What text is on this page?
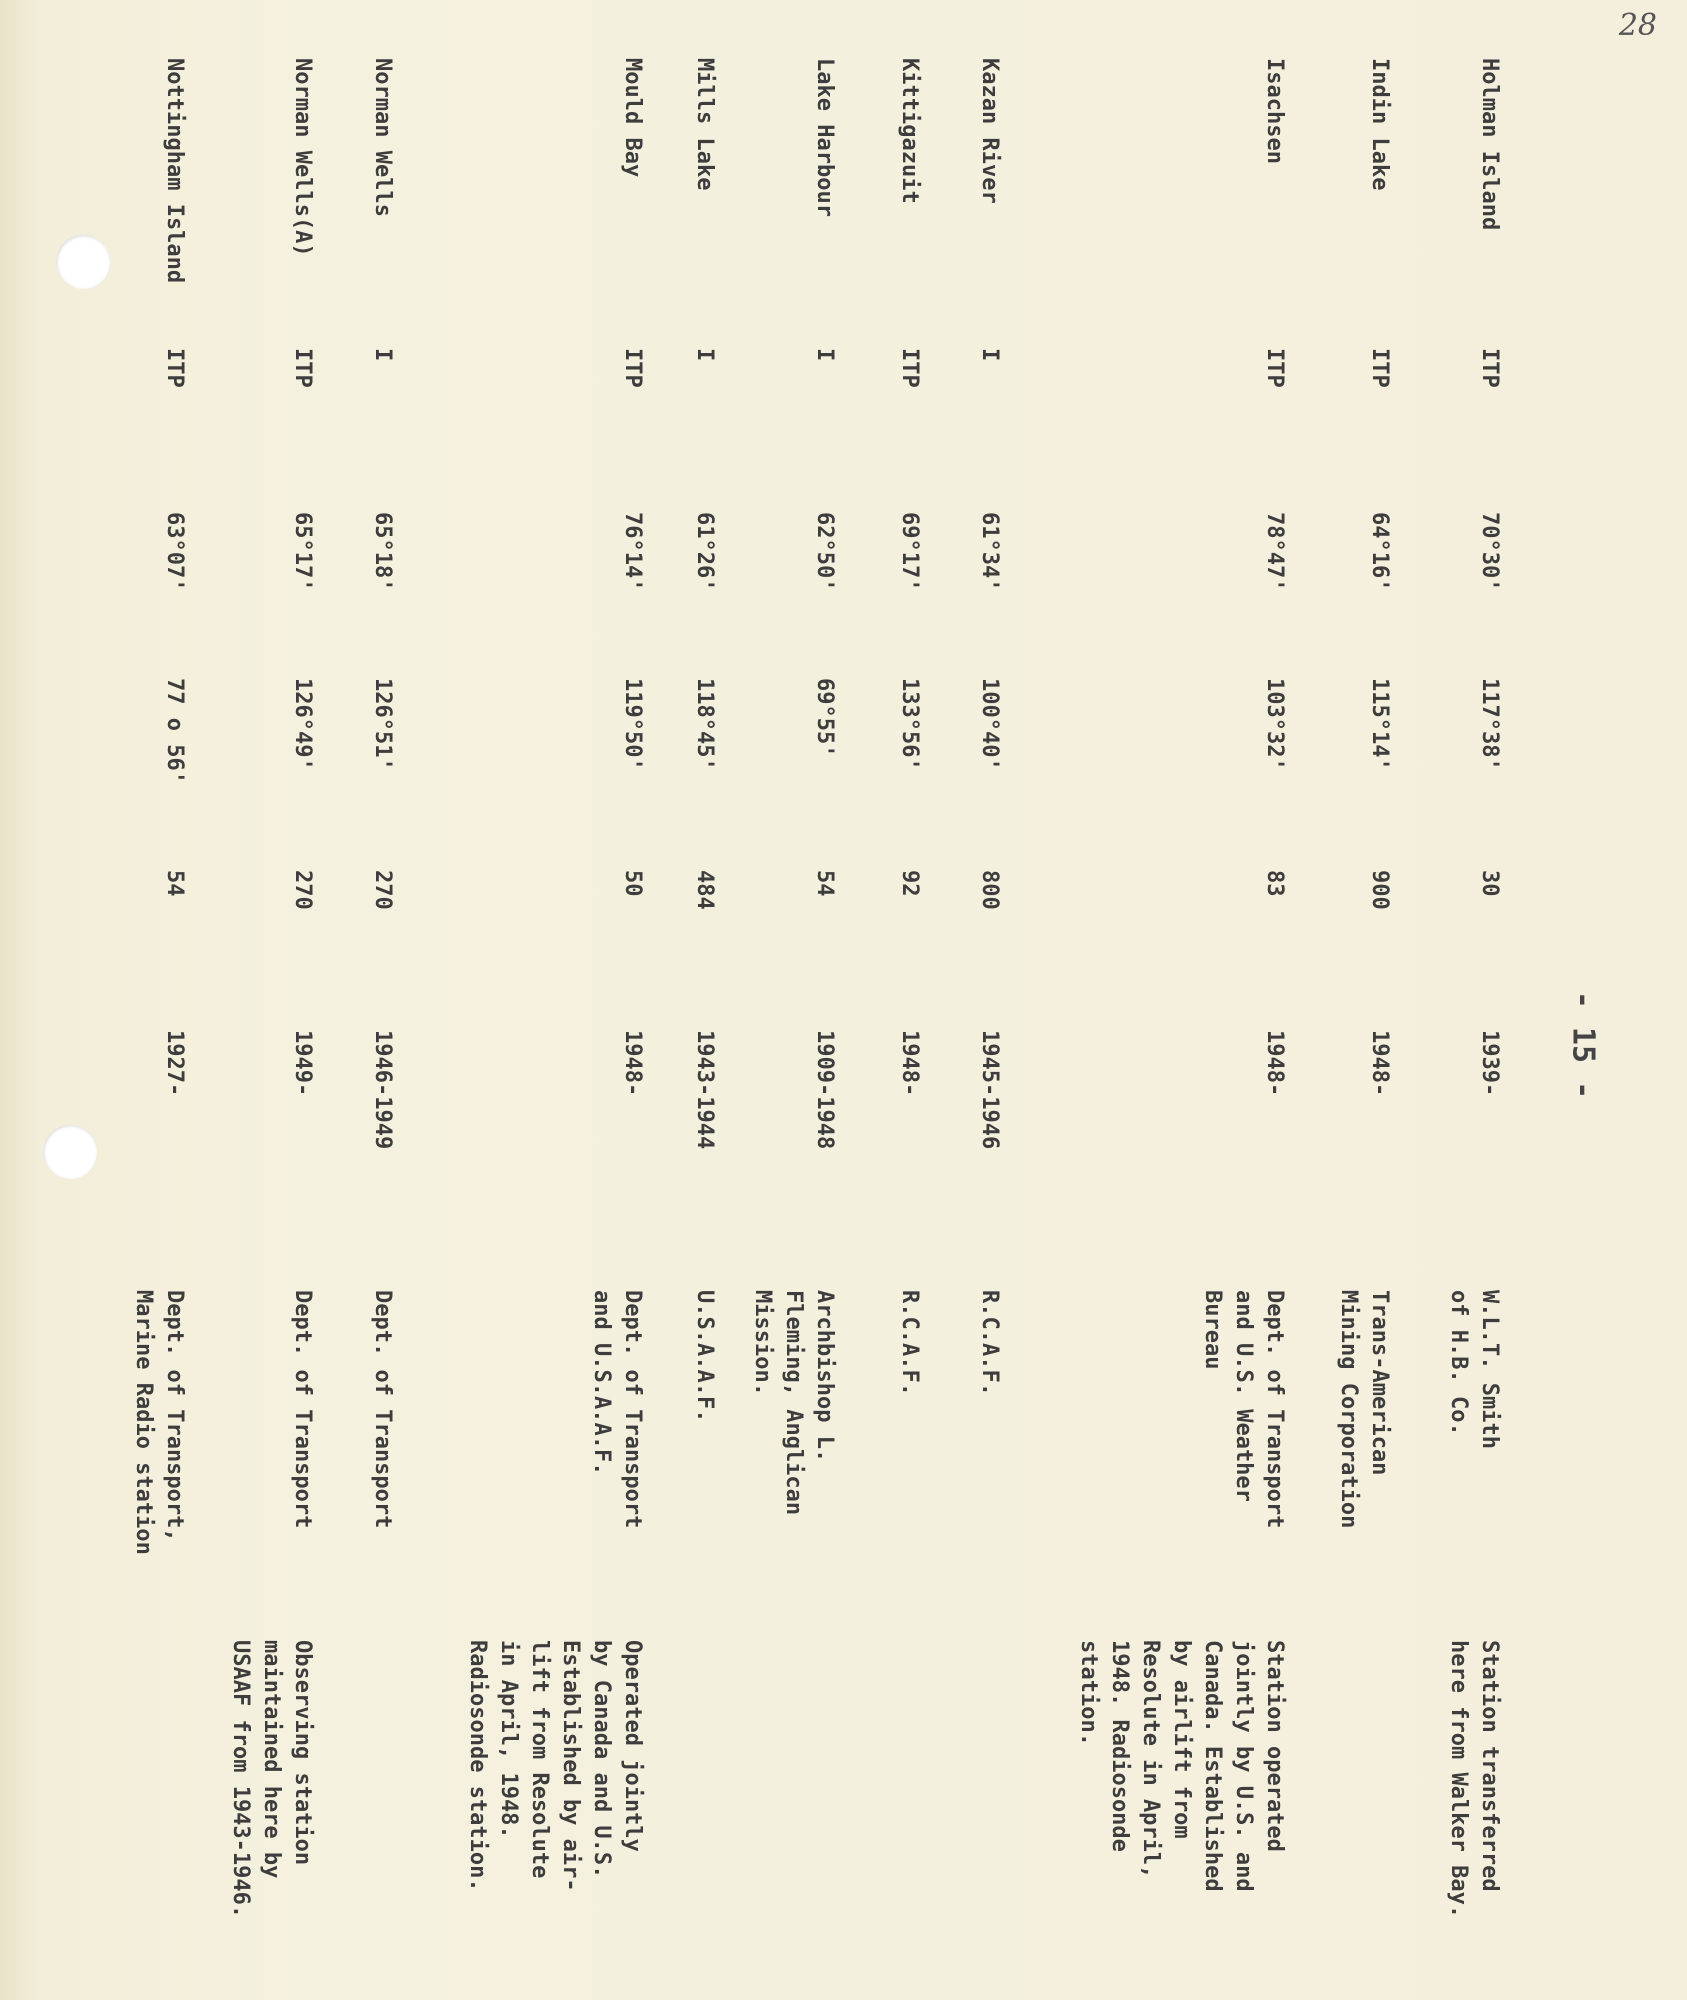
28
- 15 -
Holman Island
ITP
70°30'
117°38'
30
1939-
W.L.T. Smith
of H.B. Co.
Station transferred
here from Walker Bay.
Indin Lake
ITP
64°16'
115°14'
900
1948-
Trans-American
Mining Corporation
Isachsen
ITP
78°47'
103°32'
83
1948-
Dept. of Transport
and U.S. Weather
Bureau
Station operated
jointly by U.S. and
Canada. Established
by airlift from
Resolute in April,
1948. Radiosonde
station.
Kazan River
I
61°34'
100°40'
800
1945-1946
R.C.A.F.
Kittigazuit
ITP
69°17'
133°56'
92
1948-
R.C.A.F.
Lake Harbour
I
62°50'
69°55'
54
1909-1948
Archbishop L.
Fleming, Anglican
Mission.
Mills Lake
I
61°26'
118°45'
484
1943-1944
U.S.A.A.F.
Mould Bay
ITP
76°14'
119°50'
50
1948-
Dept. of Transport
and U.S.A.A.F.
Operated jointly
by Canada and U.S.
Established by air-
lift from Resolute
in April, 1948.
Radiosonde station.
Norman Wells
I
65°18'
126°51'
270
1946-1949
Dept. of Transport
Norman Wells(A)
ITP
65°17'
126°49'
270
1949-
Dept. of Transport
Observing station
maintained here by
USAAF from 1943-1946.
Nottingham Island
ITP
63°07'
77 o 56'
54
1927-
Dept. of Transport,
Marine Radio station
